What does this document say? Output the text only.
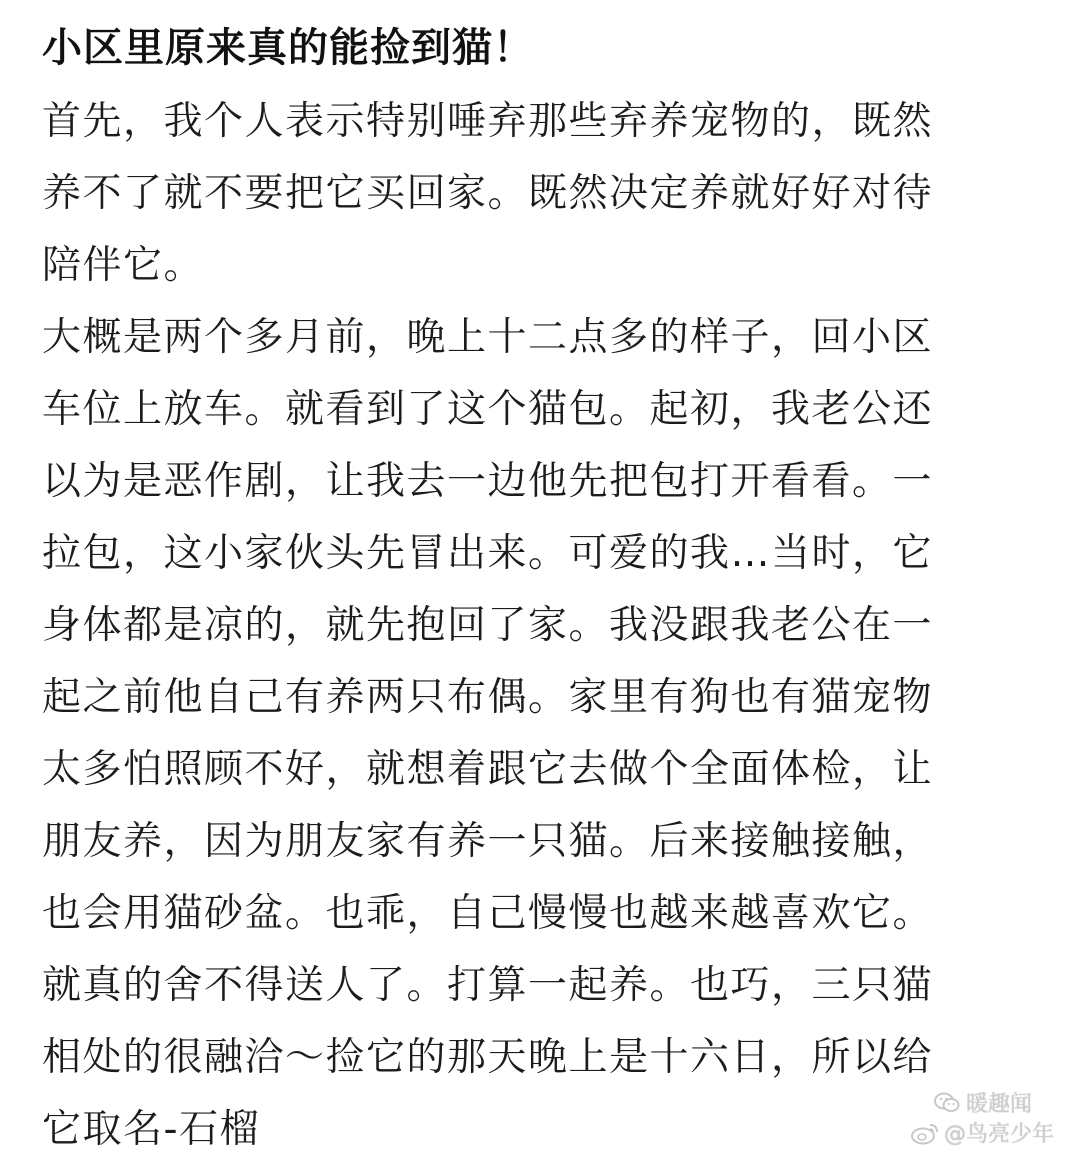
小区里原来真的能捡到猫！

首先，我个人表示特别唾弃那些弃养宠物的，既然

养不了就不要把它买回家。既然决定养就好好对待

陪伴它。

大概是两个多月前，晚上十二点多的样子，回小区

车位上放车。就看到了这个猫包。起初，我老公还

以为是恶作剧，让我去一边他先把包打开看看。一

拉包，这小家伙头先冒出来。可爱的我…当时，它

身体都是凉的，就先抱回了家。我没跟我老公在一

起之前他自己有养两只布偶。家里有狗也有猫宠物

太多怕照顾不好，就想着跟它去做个全面体检，让

朋友养，因为朋友家有养一只猫。后来接触接触，

也会用猫砂盆。也乖，自己慢慢也越来越喜欢它。

就真的舍不得送人了。打算一起养。也巧，三只猫

相处的很融洽～捡它的那天晚上是十六日，所以给

它取名-石榴

暖趣闻
@鸟亮少年
